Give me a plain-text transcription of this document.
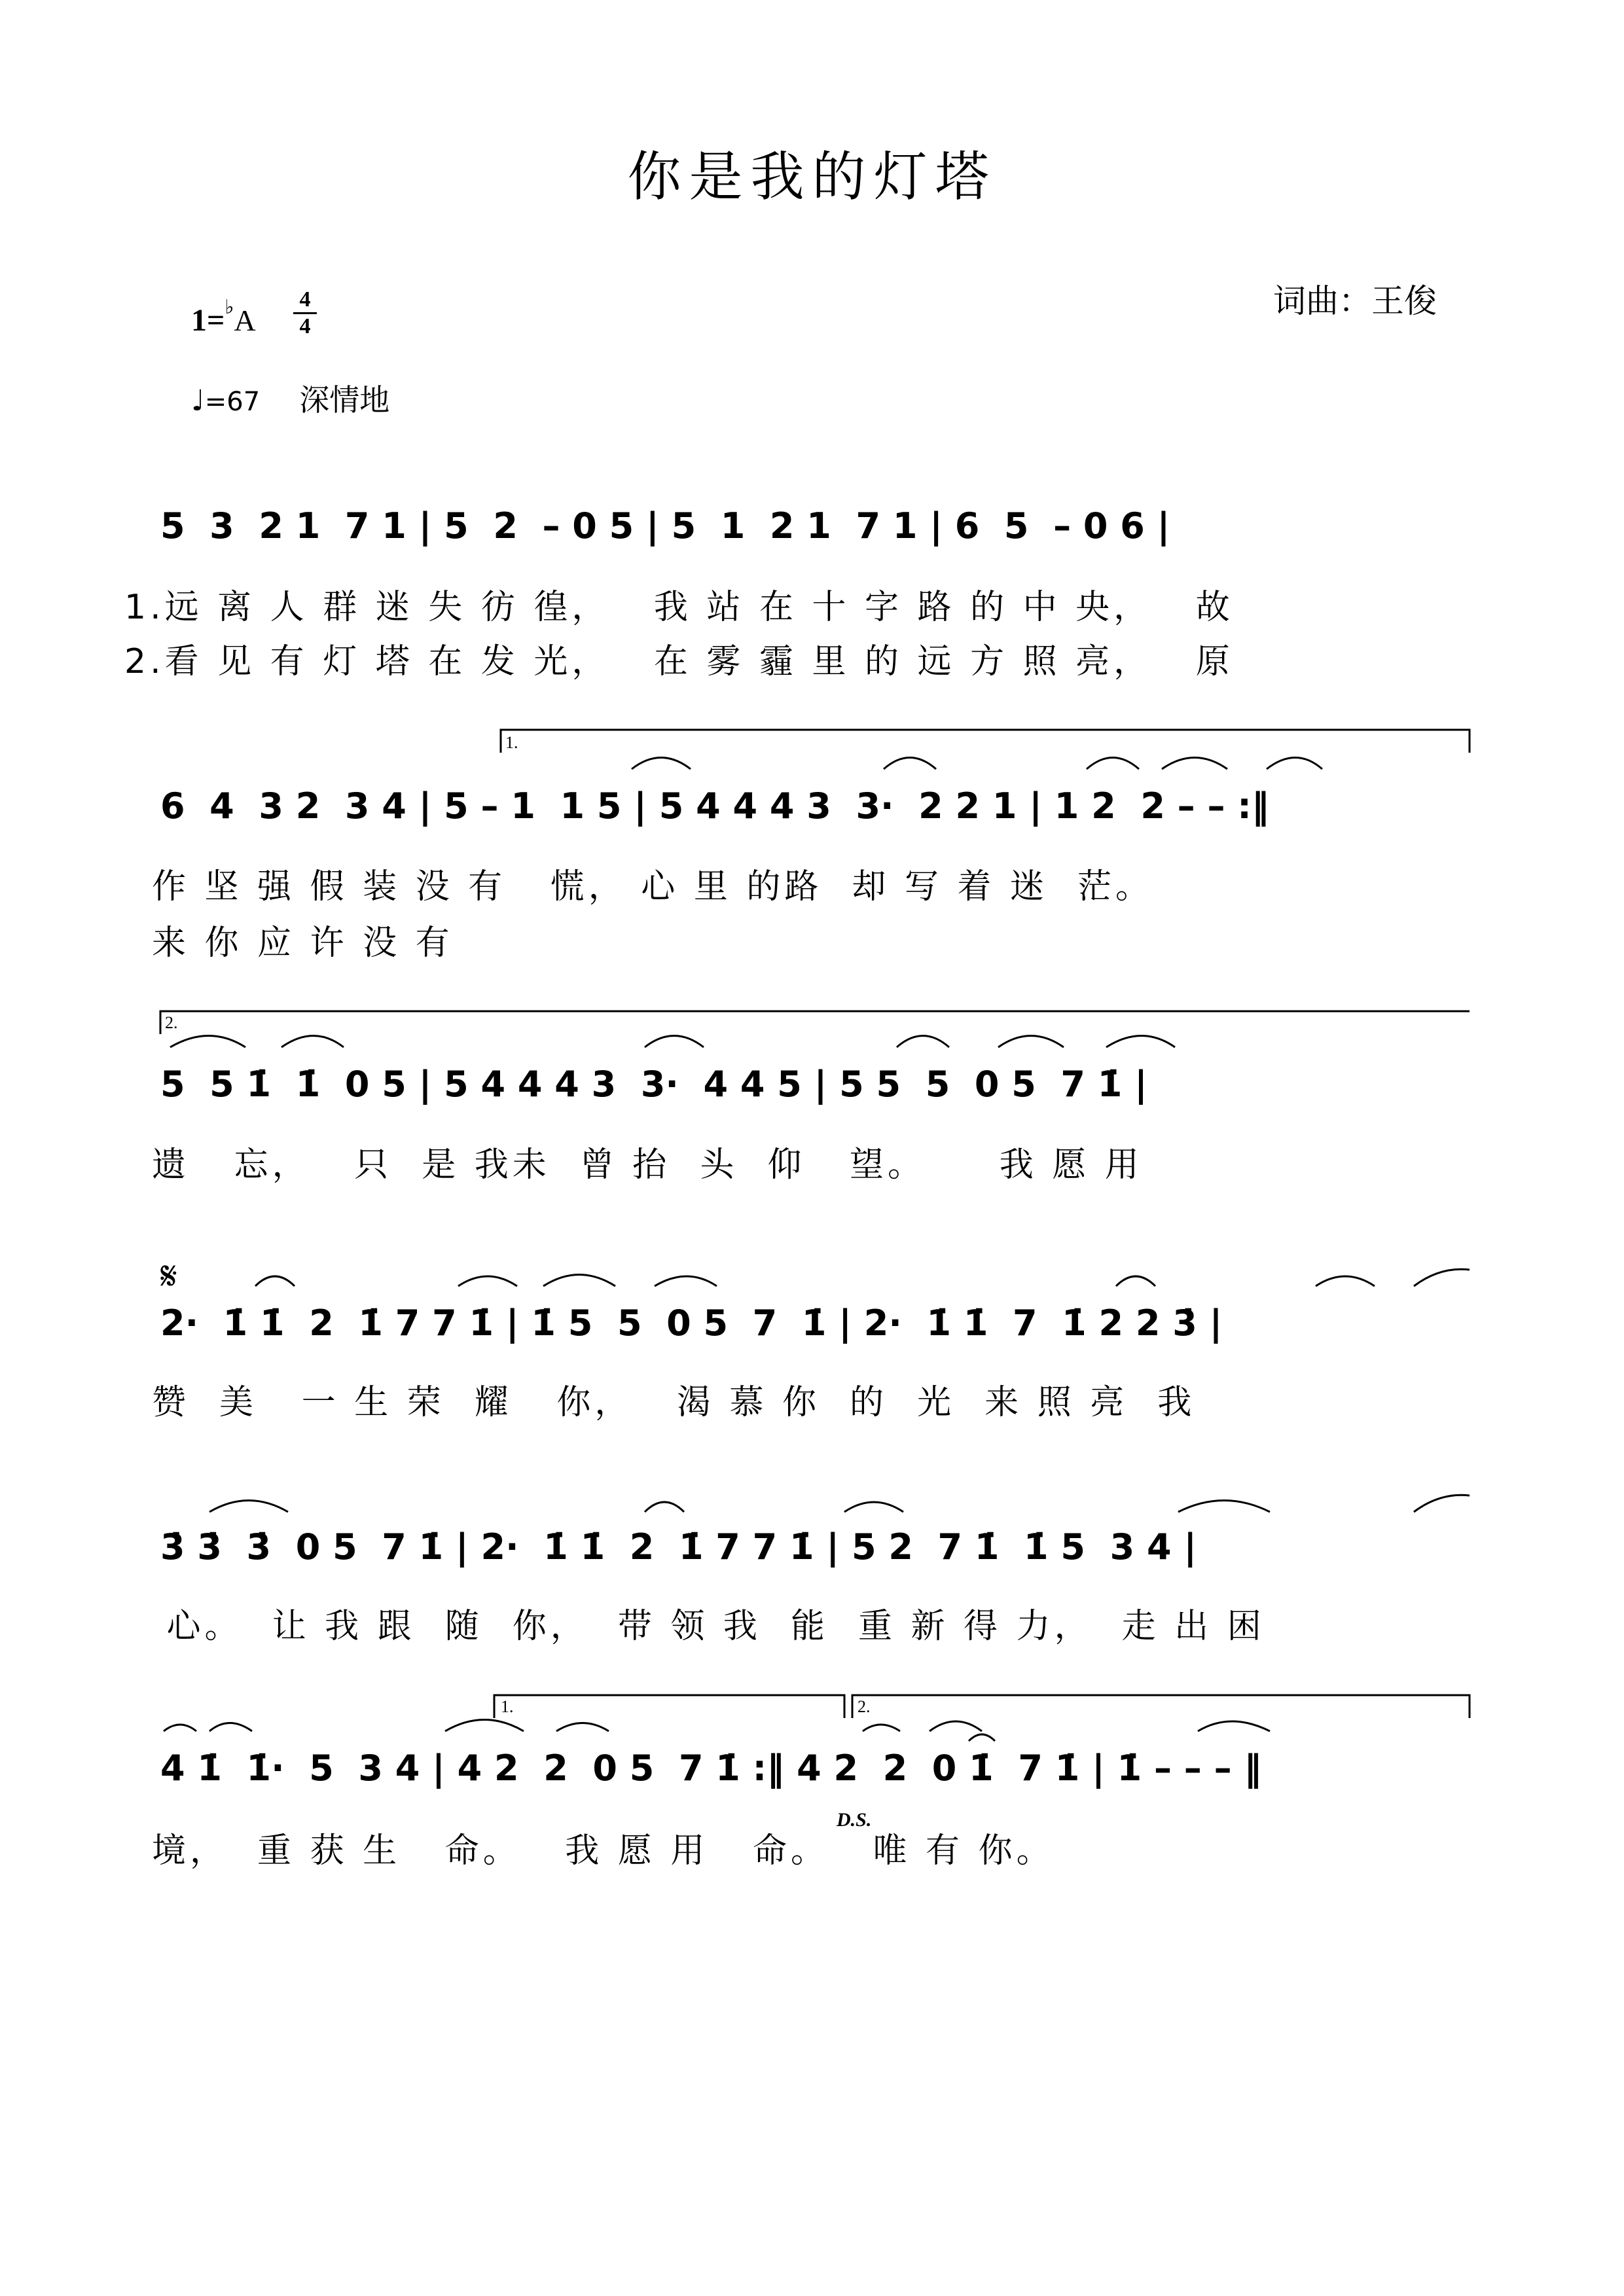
你是我的灯塔
词曲：王俊
1=♭A
4
4
♩=67 深情地
5  3  2 1  7 1 | 5  2  – 0 5 | 5  1  2 1  7 1 | 6  5  – 0 6 |
1.远 离 人 群 迷 失 彷 徨，   我 站 在 十 字 路 的 中 央，   故
2.看 见 有 灯 塔 在 发 光，   在 雾 霾 里 的 远 方 照 亮，   原
6  4  3 2  3 4 | 5 – 1  1 5 | 5 4 4 4 3  3·  2 2 1 | 1 2  2 – – :‖
作 坚 强 假 装 没 有   慌， 心 里 的路  却 写 着 迷  茫。
来 你 应 许 没 有
1.
5  5 1̇  1̇  0 5 | 5 4 4 4 3  3·  4 4 5 | 5 5  5  0 5  7 1̇ |
遗   忘，   只  是 我未  曾 抬  头  仰   望。     我 愿 用
2.
𝄋
2·  1̇ 1̇  2  1̇ 7 7 1̇ | 1̇ 5  5  0 5  7  1̇ | 2·  1̇ 1̇  7  1̇ 2 2 3̇ |
赞  美   一 生 荣  耀   你，   渴 慕 你  的  光  来 照 亮  我
3̇ 3̇  3̇  0 5  7 1̇ | 2·  1̇ 1̇  2  1̇ 7 7 1̇ | 5 2  7 1̇  1̇ 5  3 4 |
心。  让 我 跟  随  你，  带 领 我  能  重 新 得 力，  走 出 困
4 1̇  1̇·  5  3 4 | 4 2  2  0 5  7 1̇ :‖ 4 2  2  0 1̇  7 1̇ | 1̇ – – – ‖
境，  重 获 生   命。   我 愿 用   命。   唯 有 你。
1.	2.
D.S.
